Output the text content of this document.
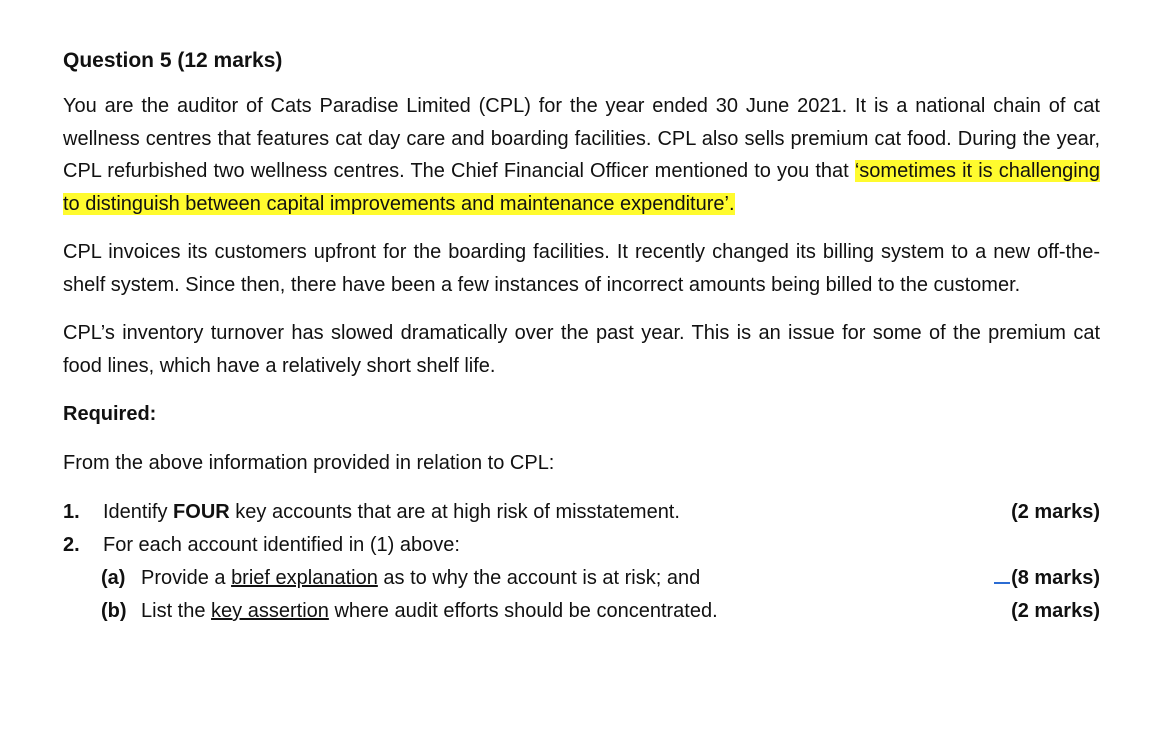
Question 5 (12 marks)

You are the auditor of Cats Paradise Limited (CPL) for the year ended 30 June 2021. It is a national chain of cat wellness centres that features cat day care and boarding facilities. CPL also sells premium cat food. During the year, CPL refurbished two wellness centres. The Chief Financial Officer mentioned to you that ‘sometimes it is challenging to distinguish between capital improvements and maintenance expenditure’.

CPL invoices its customers upfront for the boarding facilities. It recently changed its billing system to a new off-the-shelf system. Since then, there have been a few instances of incorrect amounts being billed to the customer.

CPL’s inventory turnover has slowed dramatically over the past year. This is an issue for some of the premium cat food lines, which have a relatively short shelf life.

Required:
From the above information provided in relation to CPL:
1. Identify FOUR key accounts that are at high risk of misstatement.	(2 marks)
2. For each account identified in (1) above:
(a) Provide a brief explanation as to why the account is at risk; and	(8 marks)
(b) List the key assertion where audit efforts should be concentrated.	(2 marks)
